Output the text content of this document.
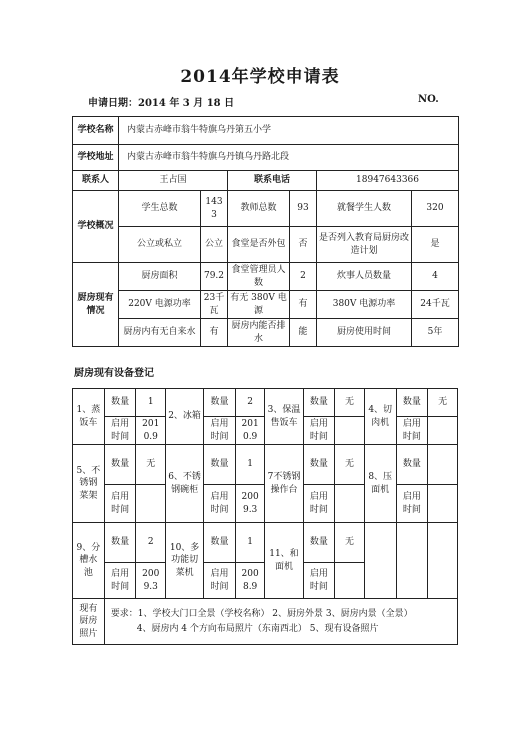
2014年学校申请表
申请日期：2014 年 3 月 18 日	NO.
学校名称	内蒙古赤峰市翁牛特旗乌丹第五小学					
学校地址	内蒙古赤峰市翁牛特旗乌丹镇乌丹路北段					
联系人	王占国		联系电话		18947643366	
学校概况	学生总数	1433	教师总数	93	就餐学生人数	320
	公立或私立	公立	食堂是否外包	否	是否列入教育局厨房改造计划	是
厨房现有情况	厨房面积	79.2	食堂管理员人数	2	炊事人员数量	4
	220V 电源功率	23千瓦	有无 380V 电源	有	380V 电源功率	24千瓦
	厨房内有无自来水	有	厨房内能否排水	能	厨房使用时间	5年
厨房现有设备登记
1、蒸饭车	数量	1	2、冰箱	数量	2	3、保温售饭车	数量	无	4、切肉机	数量	无
	启用时间	2010.9		启用时间	2010.9		启用时间			启用时间	
5、不锈钢菜架	数量	无	6、不锈钢碗柜	数量	1	7不锈钢操作台	数量	无	8、压面机	数量	
	启用时间			启用时间	2009.3		启用时间			启用时间	
9、分槽水池	数量	2	10、多功能切菜机	数量	1	11、和面机	数量	无			
	启用时间	2009.3		启用时间	2008.9		启用时间				
现有厨房照片	要求：1、学校大门口全景（学校名称） 2、厨房外景 3、厨房内景（全景）
4、厨房内 4 个方向布局照片（东南西北） 5、现有设备照片										
